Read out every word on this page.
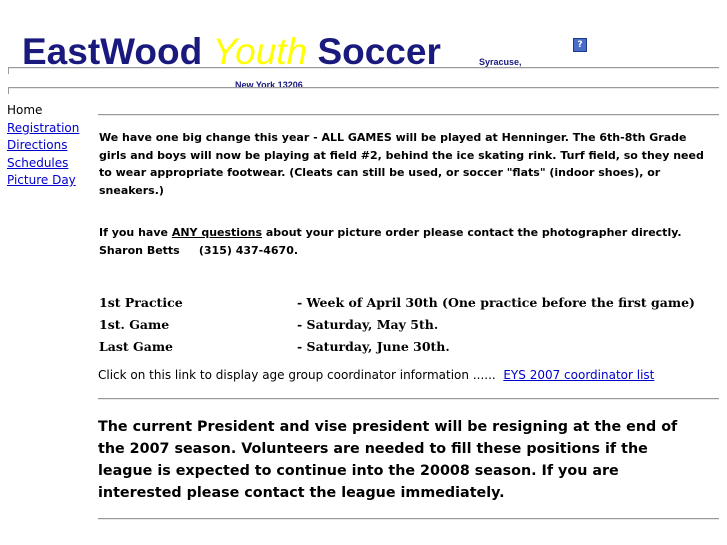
EastWood Youth Soccer	Syracuse,
?
New York 13206
Home
Registration
Directions
Schedules
Picture Day

We have one big change this year - ALL GAMES will be played at Henninger. The 6th-8th Grade girls and boys will now be playing at field #2, behind the ice skating rink. Turf field, so they need to wear appropriate footwear. (Cleats can still be used, or soccer "flats" (indoor shoes), or sneakers.)

If you have ANY questions about your picture order please contact the photographer directly.
Sharon Betts     (315) 437-4670.

1st Practice	- Week of April 30th (One practice before the first game)
1st. Game	- Saturday, May 5th.
Last Game	- Saturday, June 30th.
Click on this link to display age group coordinator information ......  EYS 2007 coordinator list

The current President and vise president will be resigning at the end of the 2007 season. Volunteers are needed to fill these positions if the league is expected to continue into the 20008 season. If you are interested please contact the league immediately.
